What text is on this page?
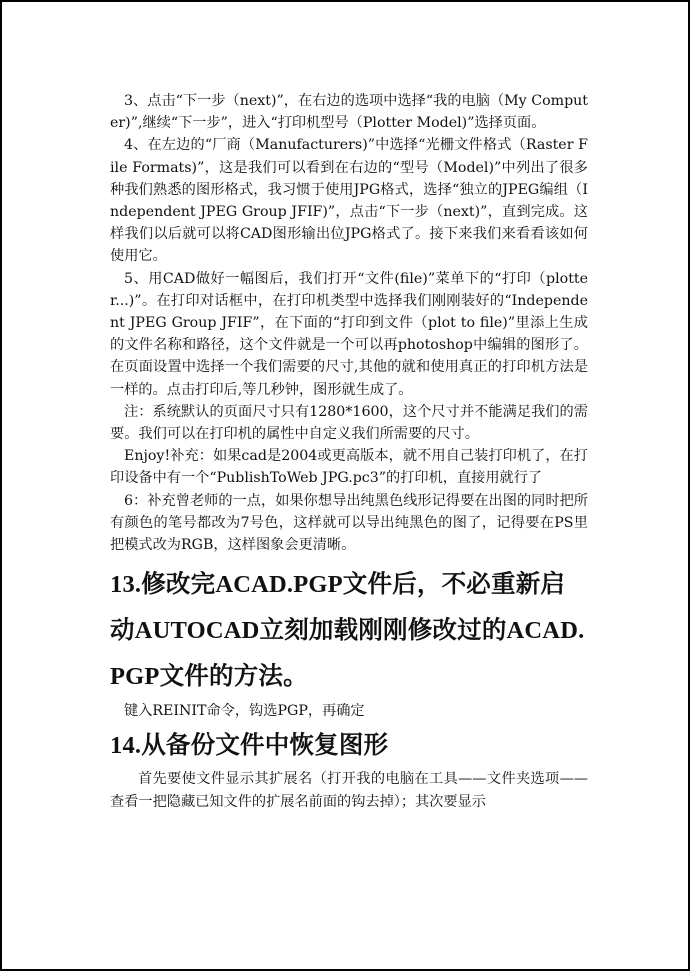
3、点击“下一步（next)”，在右边的选项中选择“我的电脑（My Computer)”,继续“下一步”，进入“打印机型号（Plotter Model)”选择页面。

4、在左边的“厂商（Manufacturers)”中选择“光栅文件格式（Raster File Formats)”，这是我们可以看到在右边的“型号（Model)”中列出了很多种我们熟悉的图形格式，我习惯于使用JPG格式，选择“独立的JPEG编组（Independent JPEG Group JFIF)”，点击“下一步（next)”，直到完成。这样我们以后就可以将CAD图形输出位JPG格式了。接下来我们来看看该如何使用它。

5、用CAD做好一幅图后，我们打开“文件(file)”菜单下的“打印（plotter...)”。在打印对话框中，在打印机类型中选择我们刚刚装好的“Independent JPEG Group JFIF”，在下面的“打印到文件（plot to file)”里添上生成的文件名称和路径，这个文件就是一个可以再photoshop中编辑的图形了。在页面设置中选择一个我们需要的尺寸,其他的就和使用真正的打印机方法是一样的。点击打印后,等几秒钟，图形就生成了。

注：系统默认的页面尺寸只有1280*1600，这个尺寸并不能满足我们的需要。我们可以在打印机的属性中自定义我们所需要的尺寸。

Enjoy!补充：如果cad是2004或更高版本，就不用自己装打印机了，在打印设备中有一个“PublishToWeb JPG.pc3”的打印机，直接用就行了

6：补充曾老师的一点，如果你想导出纯黑色线形记得要在出图的同时把所有颜色的笔号都改为7号色，这样就可以导出纯黑色的图了，记得要在PS里把模式改为RGB，这样图象会更清晰。

13.修改完ACAD.PGP文件后，不必重新启动AUTOCAD立刻加载刚刚修改过的ACAD.PGP文件的方法。

键入REINIT命令，钩选PGP，再确定

14.从备份文件中恢复图形

首先要使文件显示其扩展名（打开我的电脑在工具——文件夹选项——查看一把隐藏已知文件的扩展名前面的钩去掉）；其次要显示
